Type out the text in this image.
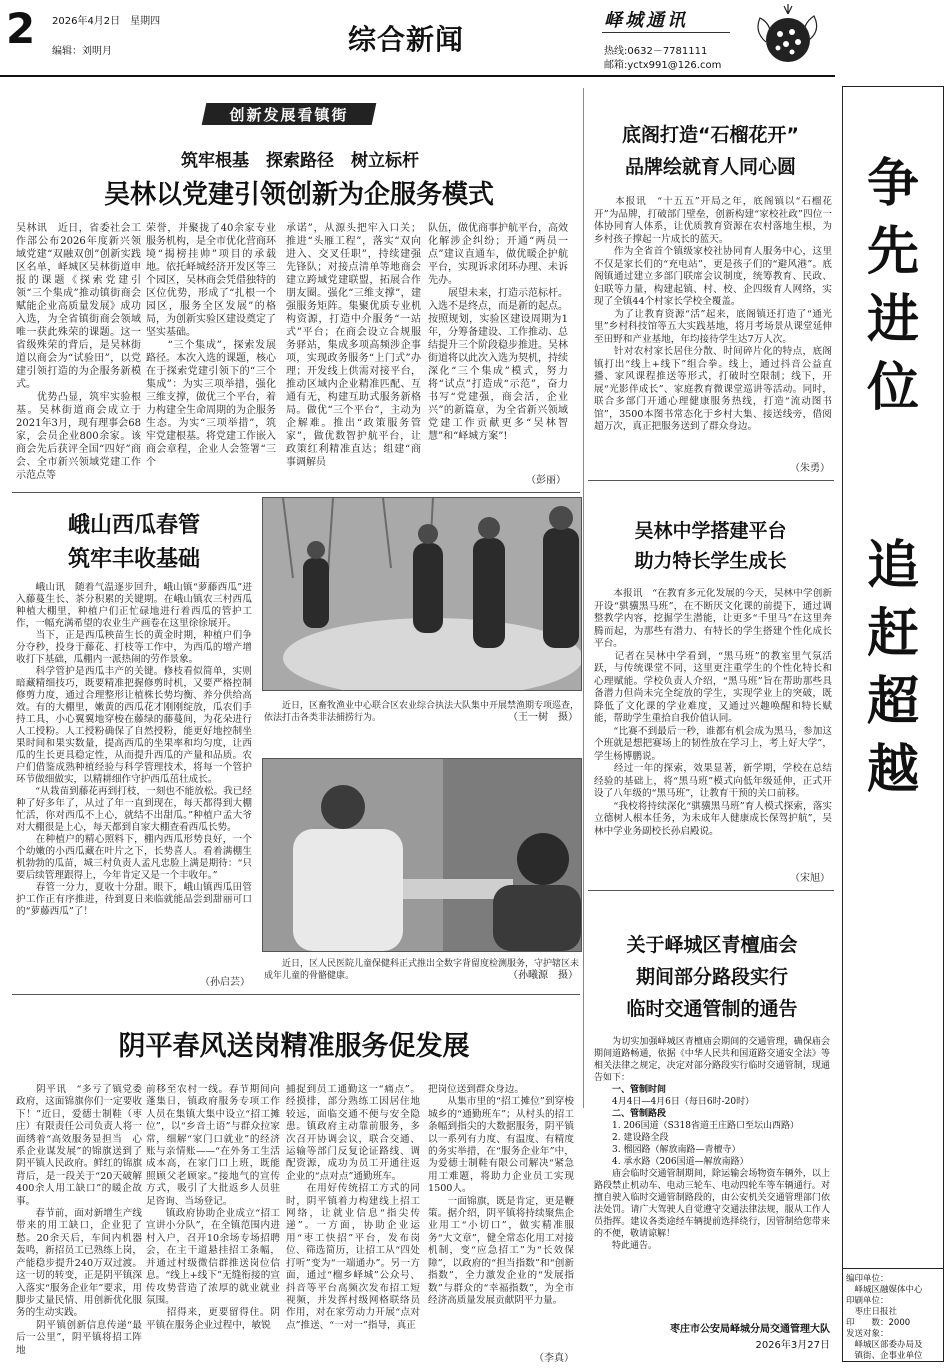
2 2026年4月2日　星期四
编辑：刘明月	综合新闻
峄城通讯
热线:0632－7781111
邮箱:yctx991@126.com
创新发展看镇街
筑牢根基　探索路径　树立标杆
吴林以党建引领创新为企服务模式
吴林讯　近日，省委社会工作部公布2026年度新兴领域党建“双融双创”创新实践区名单，峄城区吴林街道申报的课题《探索党建引领“三个集成”推动镇街商会赋能企业高质量发展》成功入选，为全省镇街商会领域唯一获此殊荣的课题。这一省级殊荣的背后，是吴林街道以商会为“试验田”，以党建引领打造的为企服务新模式。
　　优势凸显，筑牢实验根基。吴林街道商会成立于2021年3月，现有理事会68家，会员企业800余家。该商会先后获评全国“四好”商会、全市新兴领域党建工作示范点等
荣誉，并聚拢了40余家专业服务机构，是全市优化营商环境“揭榜挂帅”项目的承载地。依托峄城经济开发区等三个园区，吴林商会凭借独特的区位优势，形成了“扎根一个园区，服务全区发展”的格局，为创新实验区建设奠定了坚实基础。
　　“三个集成”，探索发展路径。本次入选的课题，核心在于探索党建引领下的“三个集成”：为实三项举措，强化三维支撑，做优三个平台，着力构建全生命周期的为企服务生态。为实“三项举措”，筑牢党建根基。将党建工作嵌入商会章程，企业人会签署“三个
承诺”，从源头把牢入口关；推进“头雁工程”，落实“双向进入、交叉任职”，持续建强先锋队；对接点清单等地商会建立跨域党建联盟，拓展合作朋友圈。强化“三维支撑”，建强服务矩阵。集聚优质专业机构资源，打造中介服务“一站式”平台；在商会设立合规服务驿站，集成多项高频涉企事项，实现政务服务“上门式”办理；开发线上供需对接平台，推动区域内企业精准匹配、互通有无，构建互助式服务新格局。做优“三个平台”，主动为企解难。推出“政策服务管家”，做优数智护航平台，让政策红利精准直达；组建“商事调解员
队伍，做优商事护航平台，高效化解涉企纠纷；开通“两员一点”建议直通车，做优暖企护航平台，实现诉求闭环办理、未诉先办。
　　展望未来，打造示范标杆。入选不是终点，而是新的起点。按照规划，实验区建设周期为1年，分筹备建设、工作推动、总结提升三个阶段稳步推进。吴林街道将以此次入选为契机，持续深化“三个集成”模式，努力将“试点”打造成“示范”，奋力书写“党建强，商会活，企业兴”的新篇章，为全省新兴领域党建工作贡献更多“吴林智慧”和“峄城方案”!
（彭丽）
底阁打造“石榴花开”
品牌绘就育人同心圆
　　本报讯　“十五五”开局之年，底阁镇以“石榴花开”为品牌，打破部门壁垒，创新构建“家校社政”四位一体协同育人体系，让优质教育资源在农村落地生根，为乡村孩子撑起一片成长的蓝天。
　　作为全省首个镇级家校社协同育人服务中心，这里不仅是家长们的“充电站”，更是孩子们的“避风港”。底阁镇通过建立多部门联席会议制度，统筹教育、民政、妇联等力量，构建起镇、村、校、企四级育人网络，实现了全镇44个村家长学校全覆盖。
　　为了让教育资源“活”起来，底阁镇还打造了“通光里”乡村科技馆等五大实践基地，将月考场景从课堂延伸至田野和产业基地，年均接待学生达7万人次。
　　针对农村家长居住分散、时间碎片化的特点，底阁镇打出“线上+线下”组合拳。线上，通过抖音公益直播、家风课程推送等形式，打破时空限制；线下，开展“光影伴成长”、家庭教育微课堂巡讲等活动。同时，联合多部门开通心理健康服务热线，打造“流动图书馆”，3500本图书常态化于乡村大集、接送线旁，借阅超万次，真正把服务送到了群众身边。
（朱勇）
争
先
进
位
追
赶
超
越
编印单位：
　峄城区融媒体中心
印刷单位：
　枣庄日报社
印　　数：2000
发送对象：
　峄城区部委办局及
　镇街、企事业单位
峨山西瓜春管
筑牢丰收基础
　　峨山讯　随着气温逐步回升，峨山镇“萝藤西瓜”进入藤蔓生长、茶分积累的关键期。在峨山镇农三村西瓜种植大棚里，种植户们正忙碌地进行着西瓜的管护工作，一幅充满希望的农业生产画卷在这里徐徐展开。
　　当下，正是西瓜秧苗生长的黄金时期，种植户们争分夺秒，投身于藤花、打枝等工作中，为西瓜的增产增收打下基础，瓜棚内一派热闹的劳作景象。
　　科学管护是西瓜丰产的关键。修枝看似简单，实则暗藏精细技巧，既要精准把握修剪时机，又要严格控制修剪力度，通过合理整形让植株长势均衡、养分供给高效。有的大棚里，嫩黄的西瓜花才刚刚绽放，瓜农们手持工具，小心翼翼地穿梭在藤绿的藤蔓间，为花朵进行人工授粉。人工授粉确保了自然授粉，能更好地控制坐果时间和果实数量，提高西瓜的坐果率和均匀度，让西瓜的生长更具稳定性，从而提升西瓜的产量和品质。农户们借鉴成熟种植经验与科学管理技术，将每一个管护环节做细做实，以精耕细作守护西瓜茁壮成长。
　　“从栽苗到藤花再到打枝，一刻也不能放松。我已经种了好多年了，从过了年一直到现在，每天都得到大棚忙活，你对西瓜不上心，就结不出甜瓜。”种植户孟大爷对大棚很是上心，每天都到自家大棚查看西瓜长势。
　　在种植户的精心照料下，棚内西瓜形势良好，一个个幼嫩的小西瓜藏在叶片之下，长势喜人。看着满棚生机勃勃的瓜苗，城三村负责人孟凡忠脸上满是期待：“只要后续管理跟得上，今年肯定又是一个丰收年。”
　　春管一分力，夏收十分甜。眼下，峨山镇西瓜田管护工作正有序推进，待到夏日来临就能品尝到甜丽可口的“萝藤西瓜”了！
（孙启芸）
　　近日，区畜牧渔业中心联合区农业综合执法大队集中开展禁渔期专项巡查，依法打击各类非法捕捞行为。	（王一树　摄）
　　近日，区人民医院儿童保健科正式推出全数字背留度检测服务，守护辖区未成年儿童的骨骼健康。	（孙曦源　摄）
吴林中学搭建平台
助力特长学生成长
　　本报讯　“在教育多元化发展的今天，吴林中学创新开设“骐骥黑马班”，在不断厌文化课的前提下，通过调整教学内容，挖掘学生潜能，让更多“千里马”在这里奔腾而起，为那些有潜力、有特长的学生搭建个性化成长平台。
　　记者在吴林中学看到，“黑马班”的教室里气氛活跃，与传统课堂不同，这里更注重学生的个性化特长和心理赋能。学校负责人介绍，“黑马班”旨在帮助那些具备潜力但尚未完全绽放的学生，实现学业上的突破，既降低了文化课的学业难度，又通过兴趣唤醒和特长赋能，帮助学生重拾自我价值认同。
　　“比赛不到最后一秒，谁都有机会成为黑马，参加这个班就是想把赛场上的韧性放在学习上，考上好大学”，学生杨博鹏说。
　　经过一年的探索，效果显著，新学期，学校在总结经验的基础上，将“黑马班”模式向低年级延伸，正式开设了八年级的“黑马班”，让教育干预的关口前移。
　　“我校将持续深化“骐骥黑马班”育人模式探索，落实立德树人根本任务，为未成年人健康成长保驾护航”，吴林中学业务副校长孙启殿说。
（宋旭）
关于峄城区青檀庙会
期间部分路段实行
临时交通管制的通告

　　为切实加强峄城区青檀庙会期间的交通管理，确保庙会期间道路畅通，依据《中华人民共和国道路交通安全法》等相关法律之规定，决定对部分路段实行临时交通管制，现通告如下：

　　一、管制时间

　　4月4日—4月6日（每日6时-20时）

　　二、管制路段

　　1. 206国道（S318省道王庄路口至坛山西路）

　　2. 建设路全段

　　3. 榴园路（解放南路—青檀寺）

　　4. 承水路（206国道—解放南路）

　　庙会临时交通管制期间，除运输会场物资车辆外，以上路段禁止机动车、电动三轮车、电动四轮车等车辆通行。对擅自驶入临时交通管制路段的，由公安机关交通管理部门依法处罚。请广大驾驶人自觉遵守交通法律法规，服从工作人员指挥。建议各类途经车辆提前选择绕行，因管制给您带来的不便，敬请谅解！
　　特此通告。

枣庄市公安局峄城分局交通管理大队
2026年3月27日
阴平春风送岗精准服务促发展
　　阴平讯　“多亏了镇党委政府，这面锦旗你们一定要收下！”近日，爱德士制鞋（枣庄）有限责任公司负责人将一面绣着“高效服务显担当　心系企业谋发展”的锦旗送到了阴平镇人民政府。鲜红的锦旗背后，是一段关于“20天破解400余人用工缺口”的暖企故事。
　　春节前，面对新增生产线带来的用工缺口，企业犯了愁。20余天后，车间内机器轰鸣，新招员工已熟练上岗，产能稳步提升240万双过渡。这一切的转变，正是阴平镇深入落实“服务企业年”要求，用脚步丈量民情、用创新优化服务的生动实践。
　　阴平镇创新信息传递“最后一公里”，阴平镇将招工阵地
前移至农村一线。春节期间向蓬集日，镇政府服务专项工作人员在集镇大集中设立“招工摊位”，以“乡音土语”与群众拉家常，细解“家门口就业”的经济账与亲情账——“在外务工生活成本高，在家门口上班，既能照顾父老顾家。”接地气的宣传方式，吸引了大批返乡人员驻足咨询、当场登记。
　　镇政府协助企业成立“招工宣讲小分队”，在全镇范围内进村入户，召开10余场专场招聘会，在主干道悬挂招工条幅，并通过村级微信群推送岗位信息。“线上+线下”无缝衔接的宣传攻势营造了浓厚的就业就业氛围。
　　招得来，更要留得住。阴平镇在服务企业过程中，敏锐
捕捉到员工通勤这一“痛点”。经摸排，部分熟练工因居住地较远，面临交通不便与安全隐患。镇政府主动靠前服务，多次召开协调会议，联合交通、运输等部门反复论证路线、调配资源，成功为员工开通往返企业的“点对点”通勤班车。
　　在用好传统招工方式的同时，阴平镇着力构建线上招工网络，让就业信息“指尖传递”。一方面，协助企业运用“枣工快招”平台，发布岗位、筛选简历，让招工从“四处打听”变为“一端通办”。另一方面，通过“榴乡峄城”公众号、抖音等平台高频次发布招工短视频，并发挥村级网格联络员作用，对在家劳动力开展“点对点”推送、“一对一”指导，真正
把岗位送到群众身边。
　　从集市里的“招工摊位”到穿梭城乡的“通勤班车”；从村头的招工条幅到指尖的大数据服务，阴平镇以一系列有力度、有温度、有精度的务实举措，在“服务企业年”中，为爱德士制鞋有限公司解决“紧急用工难题，将助力企业员工实现1500人。
　　一面锦旗，既是肯定，更是鞭策。据介绍，阴平镇将持续聚焦企业用工“小切口”，做实精准服务“大文章”，健全常态化用工对接机制，变“应急招工”为“长效保障”，以政府的“担当指数”和“创新指数”，全力激发企业的“发展指数”与群众的“幸福指数”，为全市经济高质量发展贡献阴平力量。
（李真）
